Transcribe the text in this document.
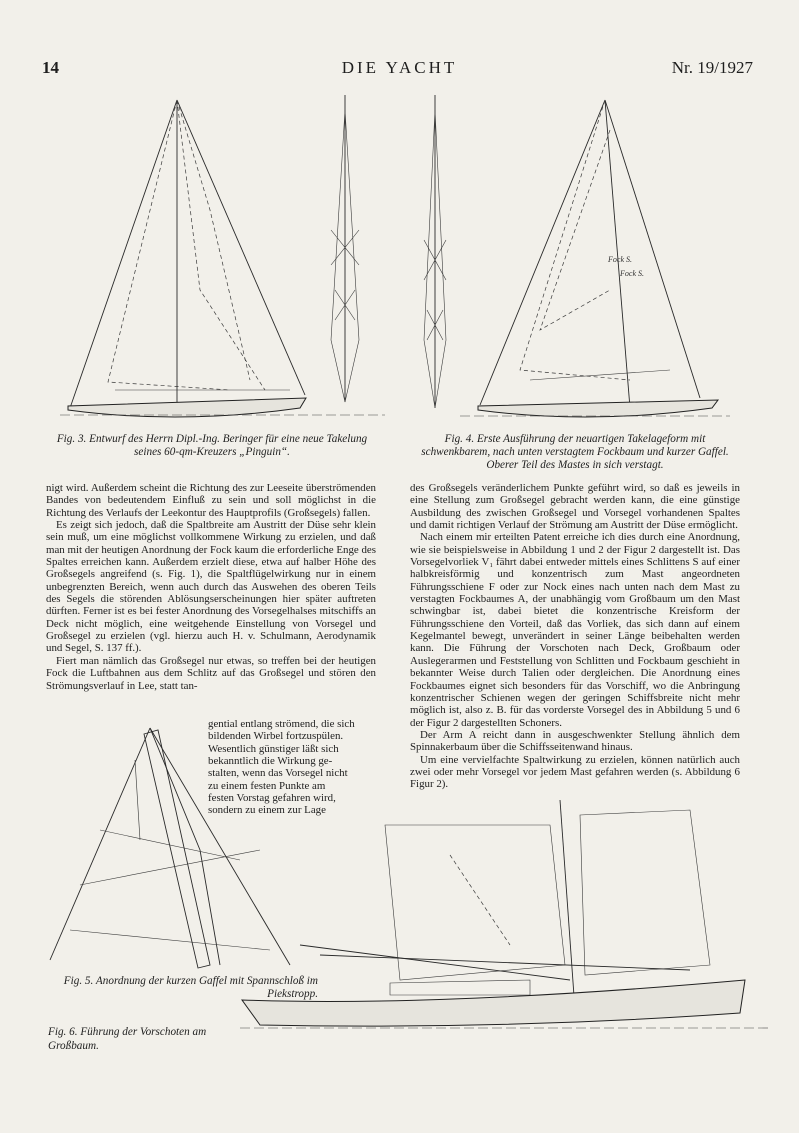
14	DIE YACHT	Nr. 19/1927
Fock S.
Fock S.
Fig. 3. Entwurf des Herrn Dipl.-Ing. Beringer für eine neue Takelung seines 60-qm-Kreuzers „Pinguin“.
Fig. 4. Erste Ausführung der neuartigen Takelageform mit schwenkbarem, nach unten verstagtem Fockbaum und kurzer Gaffel. Oberer Teil des Mastes in sich verstagt.

nigt wird. Außerdem scheint die Richtung des zur Leeseite überströmenden Bandes von bedeutendem Einfluß zu sein und soll möglichst in die Richtung des Verlaufs der Leekontur des Hauptprofils (Großsegels) fallen.

Es zeigt sich jedoch, daß die Spaltbreite am Austritt der Düse sehr klein sein muß, um eine möglichst vollkommene Wirkung zu erzielen, und daß man mit der heutigen Anordnung der Fock kaum die erforderliche Enge des Spaltes erreichen kann. Außerdem erzielt diese, etwa auf halber Höhe des Großsegels angreifend (s. Fig. 1), die Spaltflügelwirkung nur in einem unbegrenzten Bereich, wenn auch durch das Auswehen des oberen Teils des Segels die störenden Ablösungserscheinungen hier später auftreten dürften. Ferner ist es bei fester Anordnung des Vorsegelhalses mitschiffs an Deck nicht möglich, eine weitgehende Einstellung von Vorsegel und Großsegel zu erzielen (vgl. hierzu auch H. v. Schulmann, Aerodynamik und Segel, S. 137 ff.).

Fiert man nämlich das Großsegel nur etwas, so treffen bei der heutigen Fock die Luftbahnen aus dem Schlitz auf das Großsegel und stören den Strömungsverlauf in Lee, statt tan-

gential entlang strömend, die sich
bildenden Wirbel fortzuspülen.
Wesentlich günstiger läßt sich
bekanntlich die Wirkung ge-
stalten, wenn das Vorsegel nicht
zu einem festen Punkte am
festen Vorstag gefahren wird,
sondern zu einem zur Lage

des Großsegels veränderlichem Punkte geführt wird, so daß es jeweils in eine Stellung zum Großsegel gebracht werden kann, die eine günstige Ausbildung des zwischen Großsegel und Vorsegel vorhandenen Spaltes und damit richtigen Verlauf der Strömung am Austritt der Düse ermöglicht.

Nach einem mir erteilten Patent erreiche ich dies durch eine Anordnung, wie sie beispielsweise in Abbildung 1 und 2 der Figur 2 dargestellt ist. Das Vorsegelvorliek V₁ fährt dabei entweder mittels eines Schlittens S auf einer halbkreisförmig und konzentrisch zum Mast angeordneten Führungsschiene F oder zur Nock eines nach unten nach dem Mast zu verstagten Fockbaumes A, der unabhängig vom Großbaum um den Mast schwingbar ist, dabei bietet die konzentrische Kreisform der Führungsschiene den Vorteil, daß das Vorliek, das sich dann auf einem Kegelmantel bewegt, unverändert in seiner Länge beibehalten werden kann. Die Führung der Vorschoten nach Deck, Großbaum oder Auslegerarmen und Feststellung von Schlitten und Fockbaum geschieht in bekannter Weise durch Talien oder dergleichen. Die Anordnung eines Fockbaumes eignet sich besonders für das Vorschiff, wo die Anbringung konzentrischer Schienen wegen der geringen Schiffsbreite nicht mehr möglich ist, also z. B. für das vorderste Vorsegel des in Abbildung 5 und 6 der Figur 2 dargestellten Schoners.

Der Arm A reicht dann in ausgeschwenkter Stellung ähnlich dem Spinnakerbaum über die Schiffsseitenwand hinaus.

Um eine vervielfachte Spaltwirkung zu erzielen, können natürlich auch zwei oder mehr Vorsegel vor jedem Mast gefahren werden (s. Abbildung 6 Figur 2).

Fig. 5. Anordnung der kurzen Gaffel mit Spannschloß im Piekstropp.
Fig. 6. Führung der Vorschoten am Großbaum.
